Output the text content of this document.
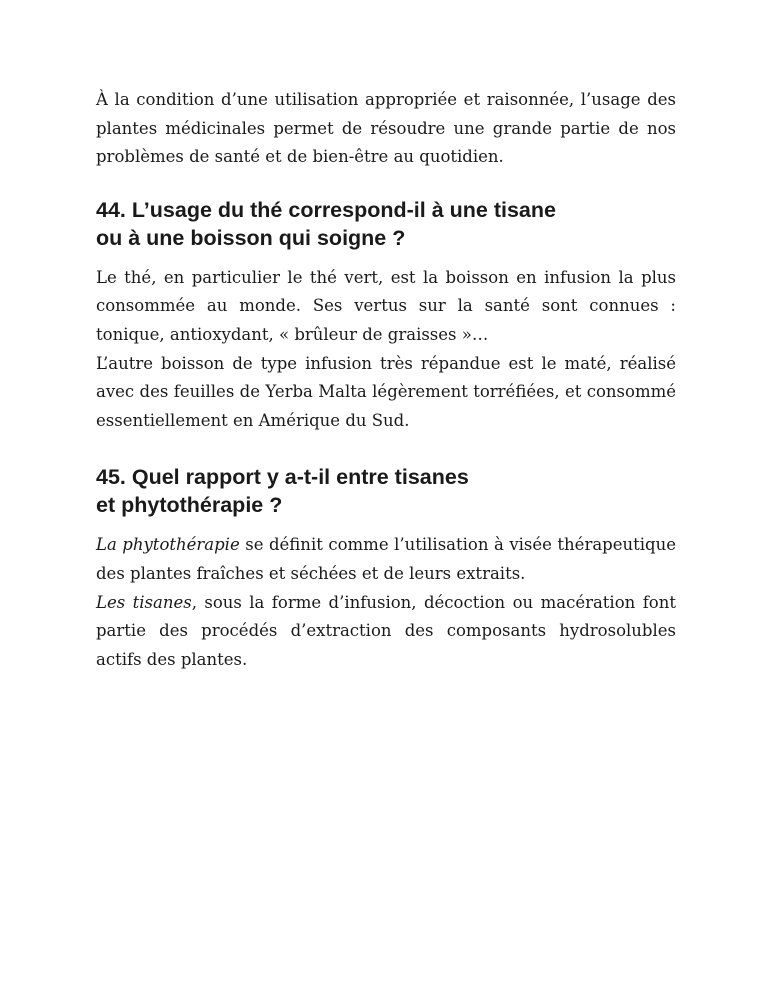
À la condition d’une utilisation appropriée et raisonnée, l’usage des plantes médicinales permet de résoudre une grande partie de nos problèmes de santé et de bien-être au quotidien.

44. L’usage du thé correspond-il à une tisane
ou à une boisson qui soigne ?

Le thé, en particulier le thé vert, est la boisson en infusion la plus consommée au monde. Ses vertus sur la santé sont connues : tonique, antioxydant, « brûleur de graisses »…

L’autre boisson de type infusion très répandue est le maté, réalisé avec des feuilles de Yerba Malta légèrement torréfiées, et consommé essentiellement en Amérique du Sud.

45. Quel rapport y a-t-il entre tisanes
et phytothérapie ?

La phytothérapie se définit comme l’utilisation à visée thérapeutique des plantes fraîches et séchées et de leurs extraits.

Les tisanes, sous la forme d’infusion, décoction ou macération font partie des procédés d’extraction des composants hydrosolubles actifs des plantes.
